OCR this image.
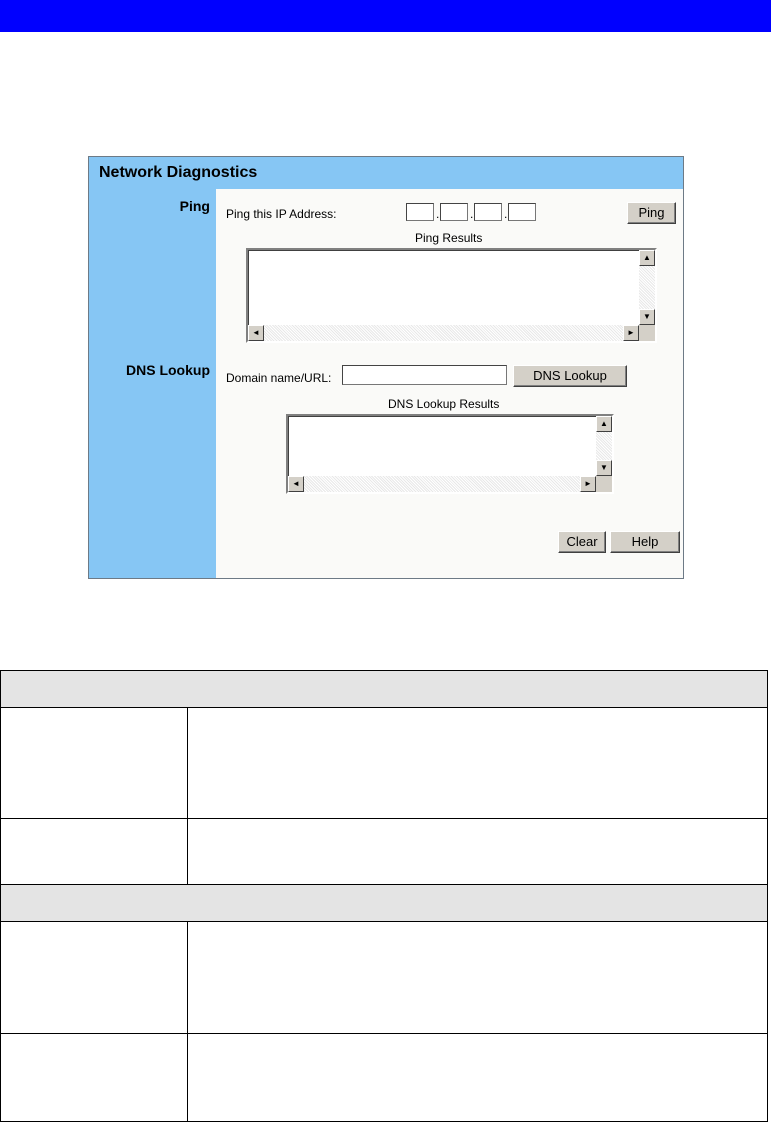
Network Diagnostics
Ping
DNS Lookup
Ping this IP Address:	.	.	.	Ping
Ping Results
▲
▼
◄	►
Domain name/URL:	DNS Lookup
DNS Lookup Results
▲
▼
◄	►
Clear	Help
